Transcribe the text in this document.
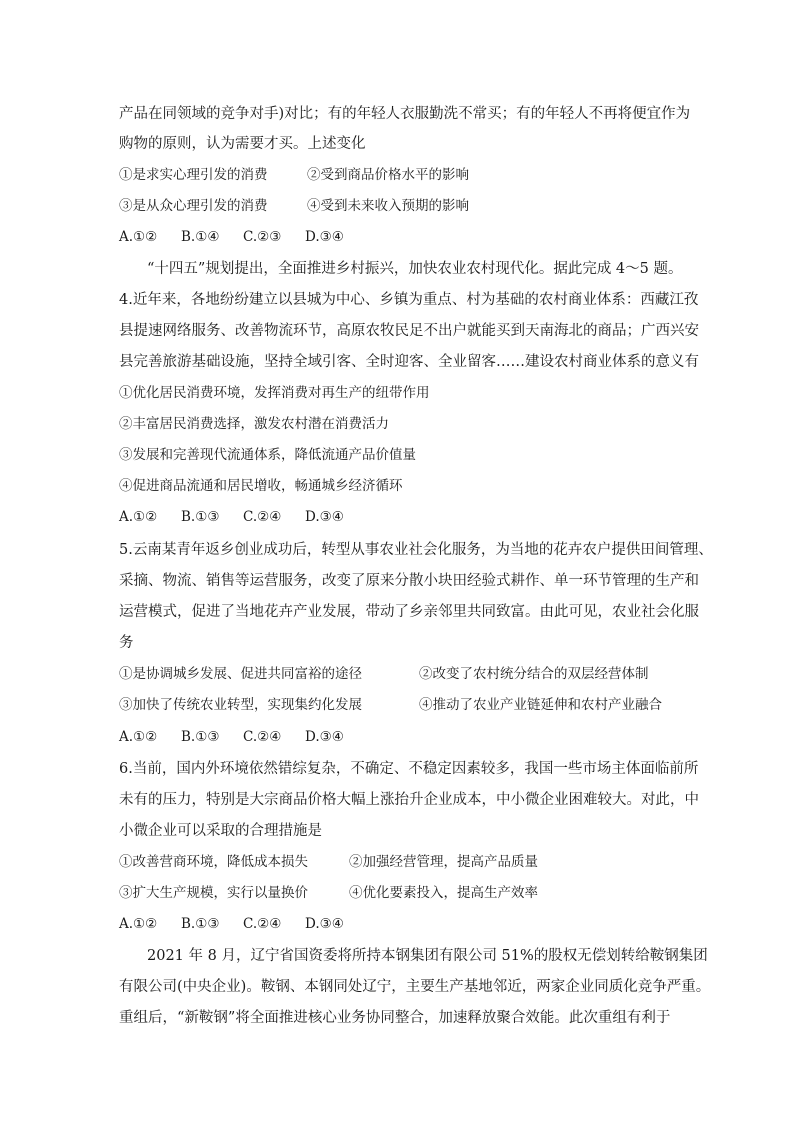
产品在同领域的竞争对手)对比；有的年轻人衣服勤洗不常买；有的年轻人不再将便宜作为
购物的原则，认为需要才买。上述变化
①是求实心理引发的消费	②受到商品价格水平的影响
③是从众心理引发的消费	④受到未来收入预期的影响
A.①② B.①④ C.②③ D.③④
“十四五”规划提出，全面推进乡村振兴，加快农业农村现代化。据此完成 4～5 题。
4.近年来，各地纷纷建立以县城为中心、乡镇为重点、村为基础的农村商业体系：西藏江孜
县提速网络服务、改善物流环节，高原农牧民足不出户就能买到天南海北的商品；广西兴安
县完善旅游基础设施，坚持全域引客、全时迎客、全业留客……建设农村商业体系的意义有
①优化居民消费环境，发挥消费对再生产的纽带作用
②丰富居民消费选择，激发农村潜在消费活力
③发展和完善现代流通体系，降低流通产品价值量
④促进商品流通和居民增收，畅通城乡经济循环
A.①② B.①③ C.②④ D.③④
5.云南某青年返乡创业成功后，转型从事农业社会化服务，为当地的花卉农户提供田间管理、
采摘、物流、销售等运营服务，改变了原来分散小块田经验式耕作、单一环节管理的生产和
运营模式，促进了当地花卉产业发展，带动了乡亲邻里共同致富。由此可见，农业社会化服
务
①是协调城乡发展、促进共同富裕的途径	②改变了农村统分结合的双层经营体制
③加快了传统农业转型，实现集约化发展	④推动了农业产业链延伸和农村产业融合
A.①② B.①③ C.②④ D.③④
6.当前，国内外环境依然错综复杂，不确定、不稳定因素较多，我国一些市场主体面临前所
未有的压力，特别是大宗商品价格大幅上涨抬升企业成本，中小微企业困难较大。对此，中
小微企业可以采取的合理措施是
①改善营商环境，降低成本损失	②加强经营管理，提高产品质量
③扩大生产规模，实行以量换价	④优化要素投入，提高生产效率
A.①② B.①③ C.②④ D.③④
2021 年 8 月，辽宁省国资委将所持本钢集团有限公司 51%的股权无偿划转给鞍钢集团
有限公司(中央企业)。鞍钢、本钢同处辽宁，主要生产基地邻近，两家企业同质化竞争严重。
重组后，“新鞍钢”将全面推进核心业务协同整合，加速释放聚合效能。此次重组有利于
